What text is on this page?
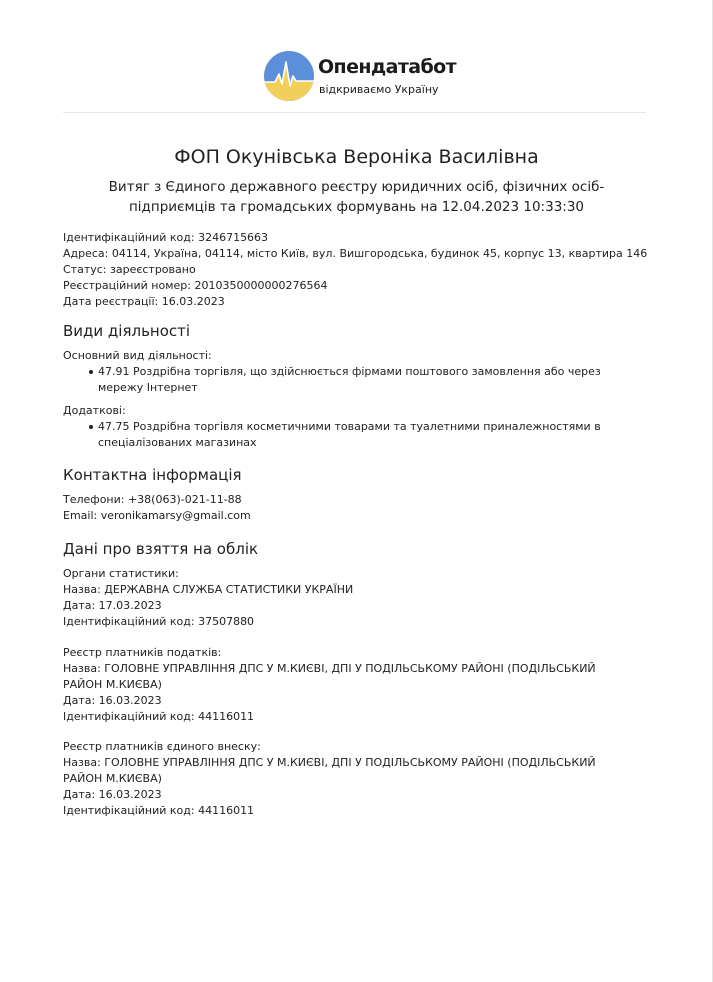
Опендатабот
відкриваємо Україну
ФОП Окунівська Вероніка Василівна
Витяг з Єдиного державного реєстру юридичних осіб, фізичних осіб-підприємців та громадських формувань на 12.04.2023 10:33:30
Ідентифікаційний код: 3246715663
Адреса: 04114, Україна, 04114, місто Київ, вул. Вишгородська, будинок 45, корпус 13, квартира 146
Статус: зареєстровано
Реєстраційний номер: 2010350000000276564
Дата реєстрації: 16.03.2023
Види діяльності
Основний вид діяльності:
47.91 Роздрібна торгівля, що здійснюється фірмами поштового замовлення або через мережу Інтернет
Додаткові:
47.75 Роздрібна торгівля косметичними товарами та туалетними приналежностями в спеціалізованих магазинах
Контактна інформація
Телефони: +38(063)-021-11-88
Email: veronikamarsy@gmail.com
Дані про взяття на облік
Органи статистики:
Назва: ДЕРЖАВНА СЛУЖБА СТАТИСТИКИ УКРАЇНИ
Дата: 17.03.2023
Ідентифікаційний код: 37507880
Реєстр платників податків:
Назва: ГОЛОВНЕ УПРАВЛІННЯ ДПС У М.КИЄВІ, ДПІ У ПОДІЛЬСЬКОМУ РАЙОНІ (ПОДІЛЬСЬКИЙ РАЙОН М.КИЄВА)
Дата: 16.03.2023
Ідентифікаційний код: 44116011
Реєстр платників єдиного внеску:
Назва: ГОЛОВНЕ УПРАВЛІННЯ ДПС У М.КИЄВІ, ДПІ У ПОДІЛЬСЬКОМУ РАЙОНІ (ПОДІЛЬСЬКИЙ РАЙОН М.КИЄВА)
Дата: 16.03.2023
Ідентифікаційний код: 44116011
